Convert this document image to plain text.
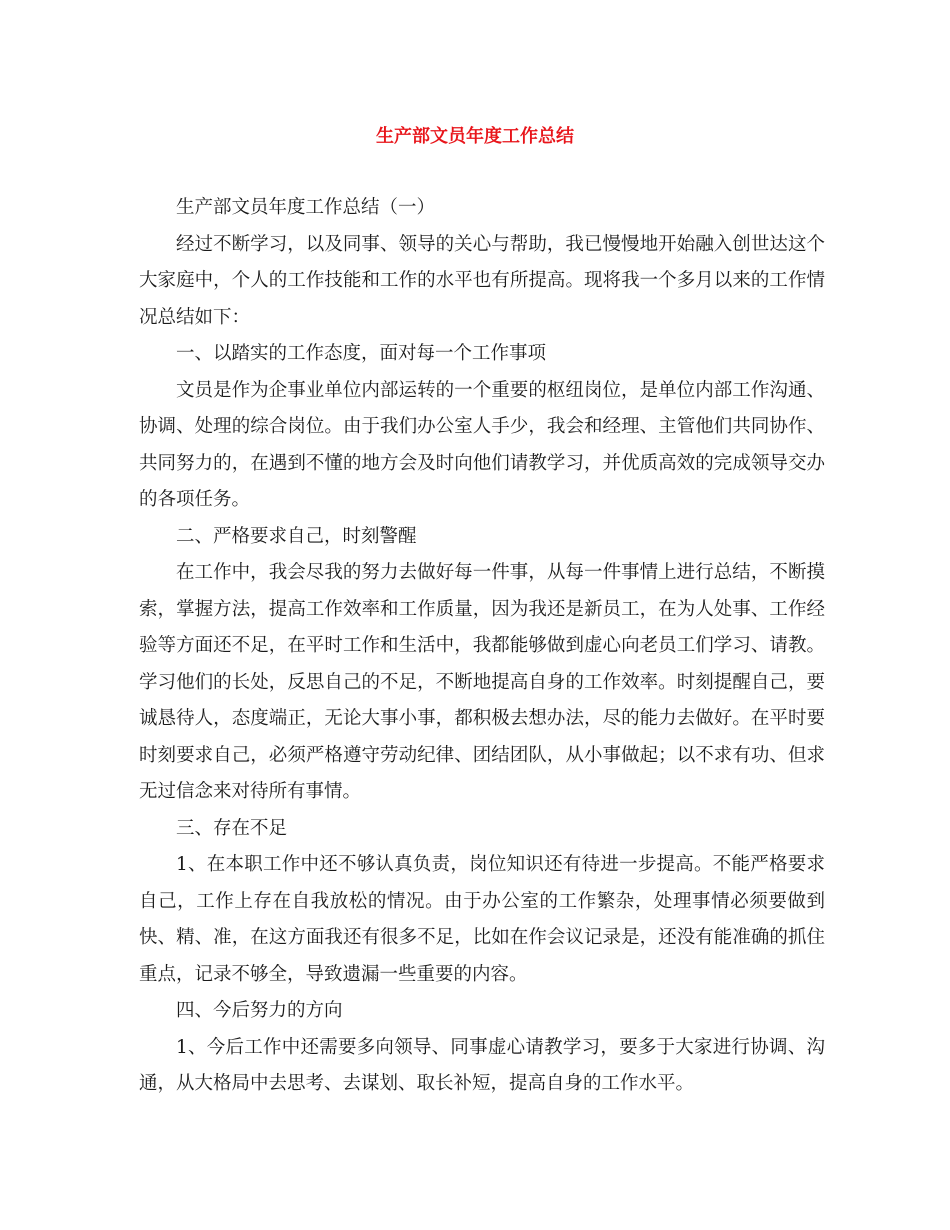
生产部文员年度工作总结

生产部文员年度工作总结（一）

经过不断学习，以及同事、领导的关心与帮助，我已慢慢地开始融入创世达这个大家庭中，个人的工作技能和工作的水平也有所提高。现将我一个多月以来的工作情况总结如下：

一、以踏实的工作态度，面对每一个工作事项

文员是作为企事业单位内部运转的一个重要的枢纽岗位，是单位内部工作沟通、协调、处理的综合岗位。由于我们办公室人手少，我会和经理、主管他们共同协作、共同努力的，在遇到不懂的地方会及时向他们请教学习，并优质高效的完成领导交办的各项任务。

二、严格要求自己，时刻警醒

在工作中，我会尽我的努力去做好每一件事，从每一件事情上进行总结，不断摸索，掌握方法，提高工作效率和工作质量，因为我还是新员工，在为人处事、工作经验等方面还不足，在平时工作和生活中，我都能够做到虚心向老员工们学习、请教。学习他们的长处，反思自己的不足，不断地提高自身的工作效率。时刻提醒自己，要诚恳待人，态度端正，无论大事小事，都积极去想办法，尽的能力去做好。在平时要时刻要求自己，必须严格遵守劳动纪律、团结团队，从小事做起；以不求有功、但求无过信念来对待所有事情。

三、存在不足

1、在本职工作中还不够认真负责，岗位知识还有待进一步提高。不能严格要求自己，工作上存在自我放松的情况。由于办公室的工作繁杂，处理事情必须要做到快、精、准，在这方面我还有很多不足，比如在作会议记录是，还没有能准确的抓住重点，记录不够全，导致遗漏一些重要的内容。

四、今后努力的方向

1、今后工作中还需要多向领导、同事虚心请教学习，要多于大家进行协调、沟通，从大格局中去思考、去谋划、取长补短，提高自身的工作水平。
